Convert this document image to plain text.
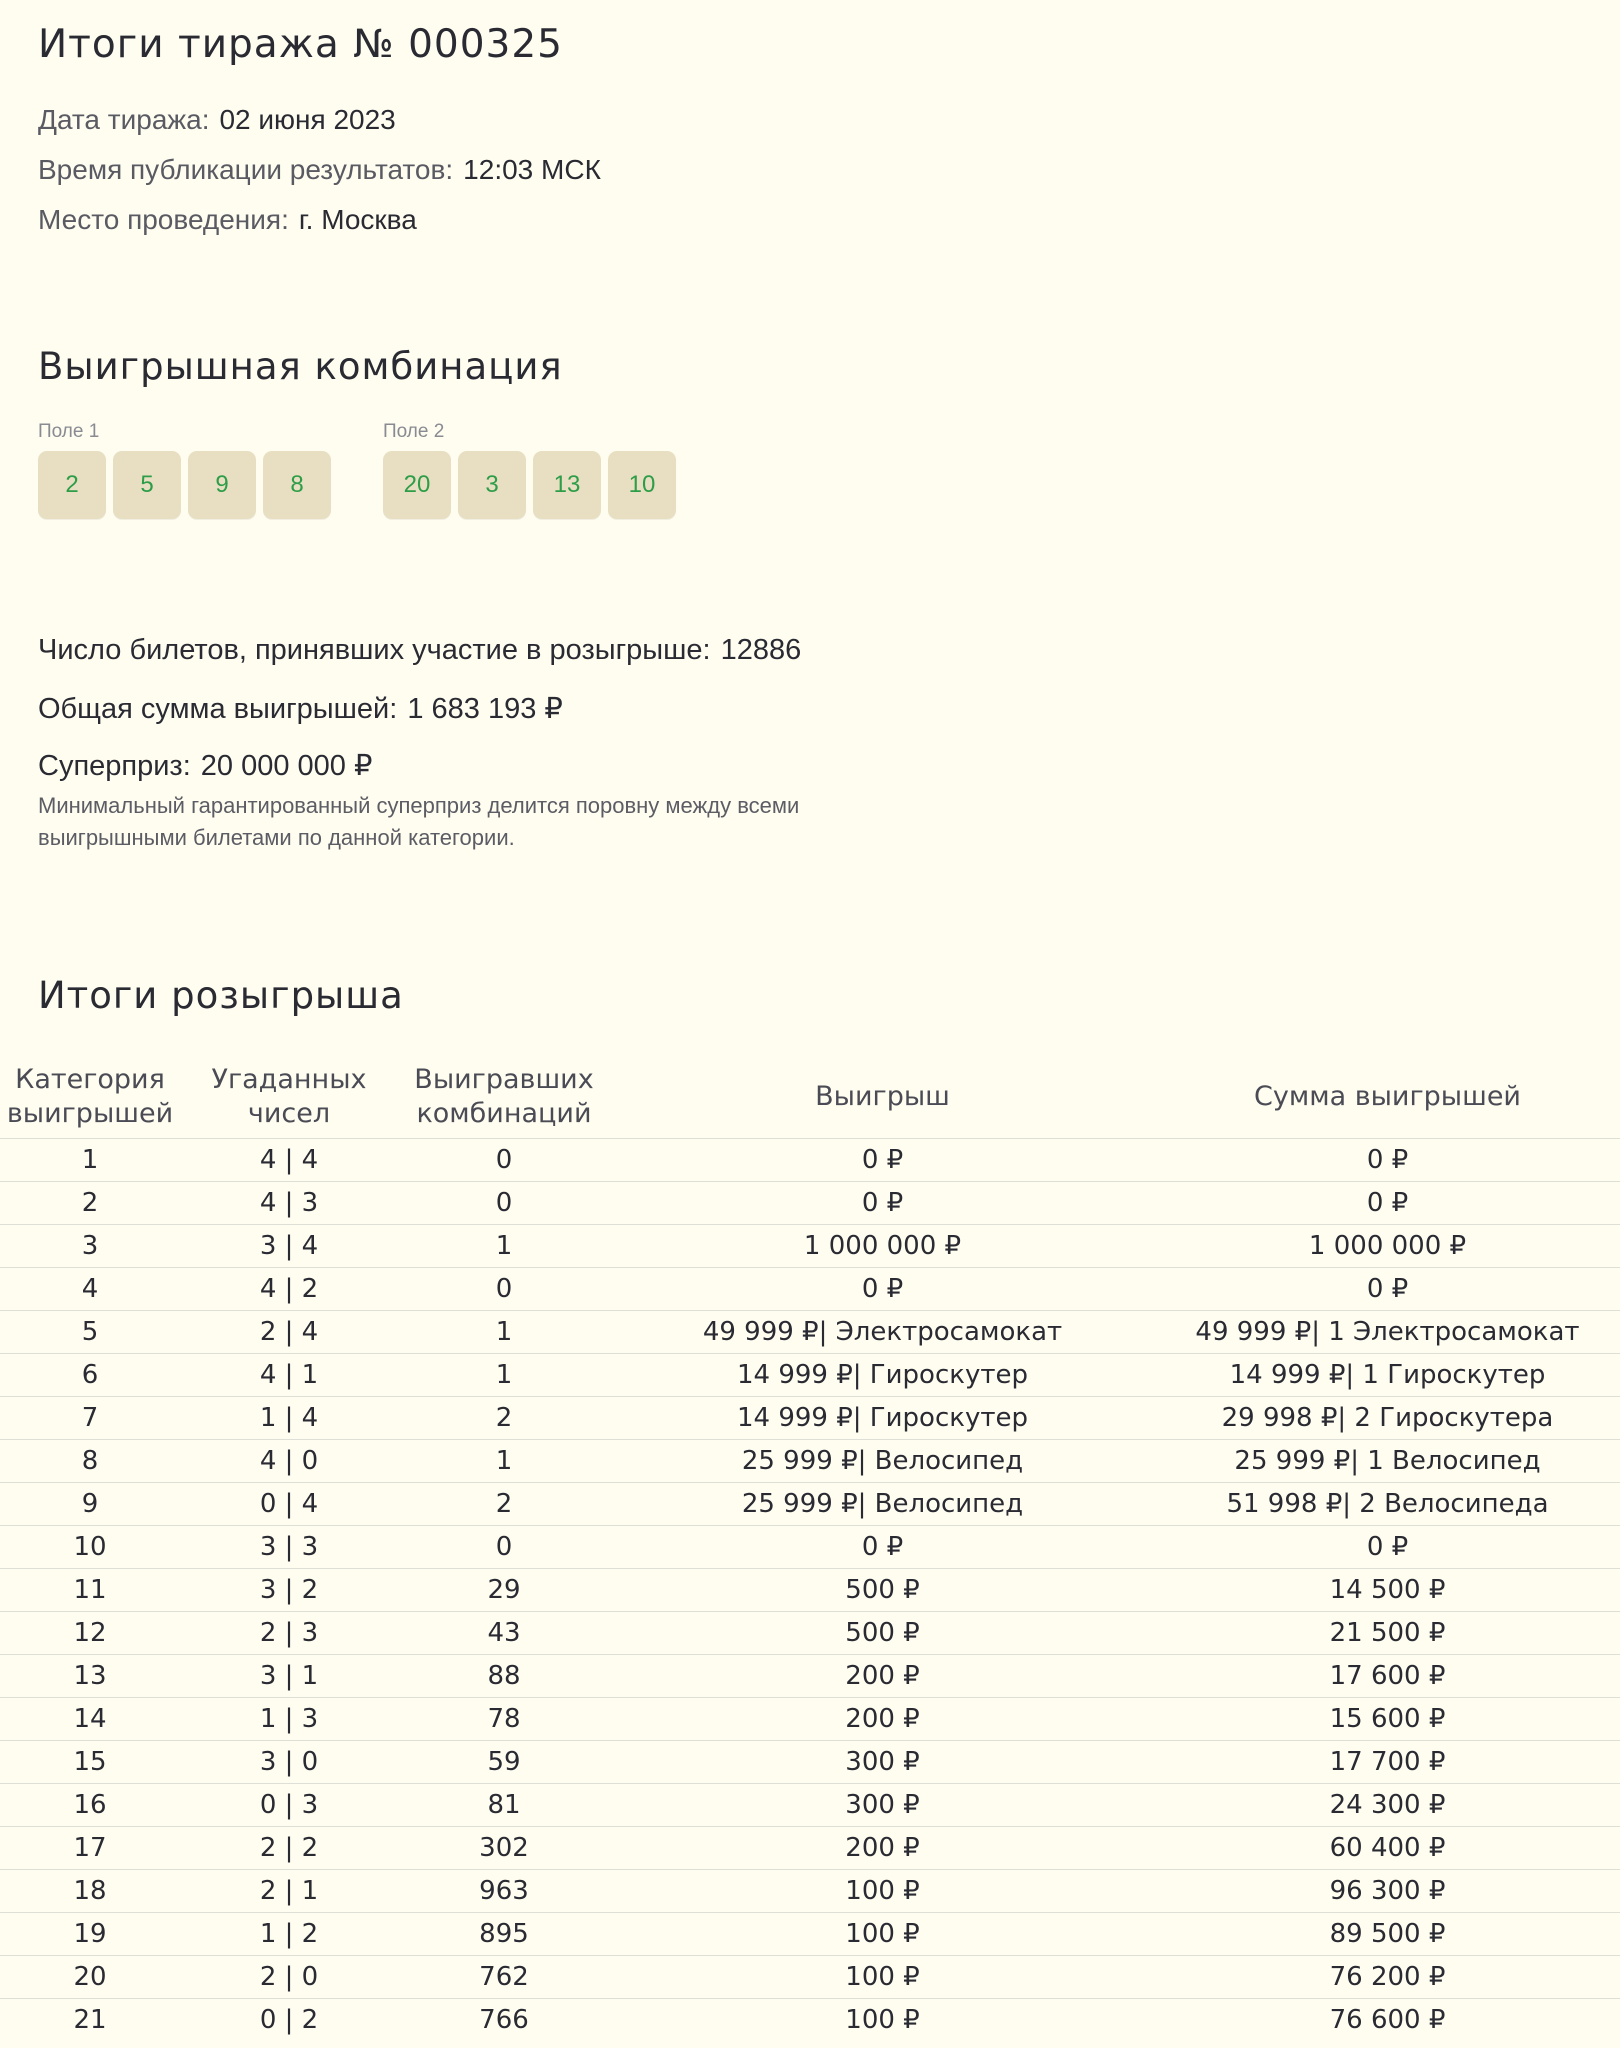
Итоги тиража № 000325
Дата тиража: 02 июня 2023
Время публикации результатов: 12:03 МСК
Место проведения: г. Москва
Выигрышная комбинация
Поле 1
2	5	9	8
Поле 2
20	3	13	10
Число билетов, принявших участие в розыгрыше: 12886
Общая сумма выигрышей: 1 683 193 ₽
Суперприз: 20 000 000 ₽
Минимальный гарантированный суперприз делится поровну между всеми выигрышными билетами по данной категории.
Итоги розыгрыша
Категория выигрышей	Угаданных чисел	Выигравших комбинаций	Выигрыш	Сумма выигрышей
1	4 | 4	0	0 ₽	0 ₽
2	4 | 3	0	0 ₽	0 ₽
3	3 | 4	1	1 000 000 ₽	1 000 000 ₽
4	4 | 2	0	0 ₽	0 ₽
5	2 | 4	1	49 999 ₽| Электросамокат	49 999 ₽| 1 Электросамокат
6	4 | 1	1	14 999 ₽| Гироскутер	14 999 ₽| 1 Гироскутер
7	1 | 4	2	14 999 ₽| Гироскутер	29 998 ₽| 2 Гироскутера
8	4 | 0	1	25 999 ₽| Велосипед	25 999 ₽| 1 Велосипед
9	0 | 4	2	25 999 ₽| Велосипед	51 998 ₽| 2 Велосипеда
10	3 | 3	0	0 ₽	0 ₽
11	3 | 2	29	500 ₽	14 500 ₽
12	2 | 3	43	500 ₽	21 500 ₽
13	3 | 1	88	200 ₽	17 600 ₽
14	1 | 3	78	200 ₽	15 600 ₽
15	3 | 0	59	300 ₽	17 700 ₽
16	0 | 3	81	300 ₽	24 300 ₽
17	2 | 2	302	200 ₽	60 400 ₽
18	2 | 1	963	100 ₽	96 300 ₽
19	1 | 2	895	100 ₽	89 500 ₽
20	2 | 0	762	100 ₽	76 200 ₽
21	0 | 2	766	100 ₽	76 600 ₽
